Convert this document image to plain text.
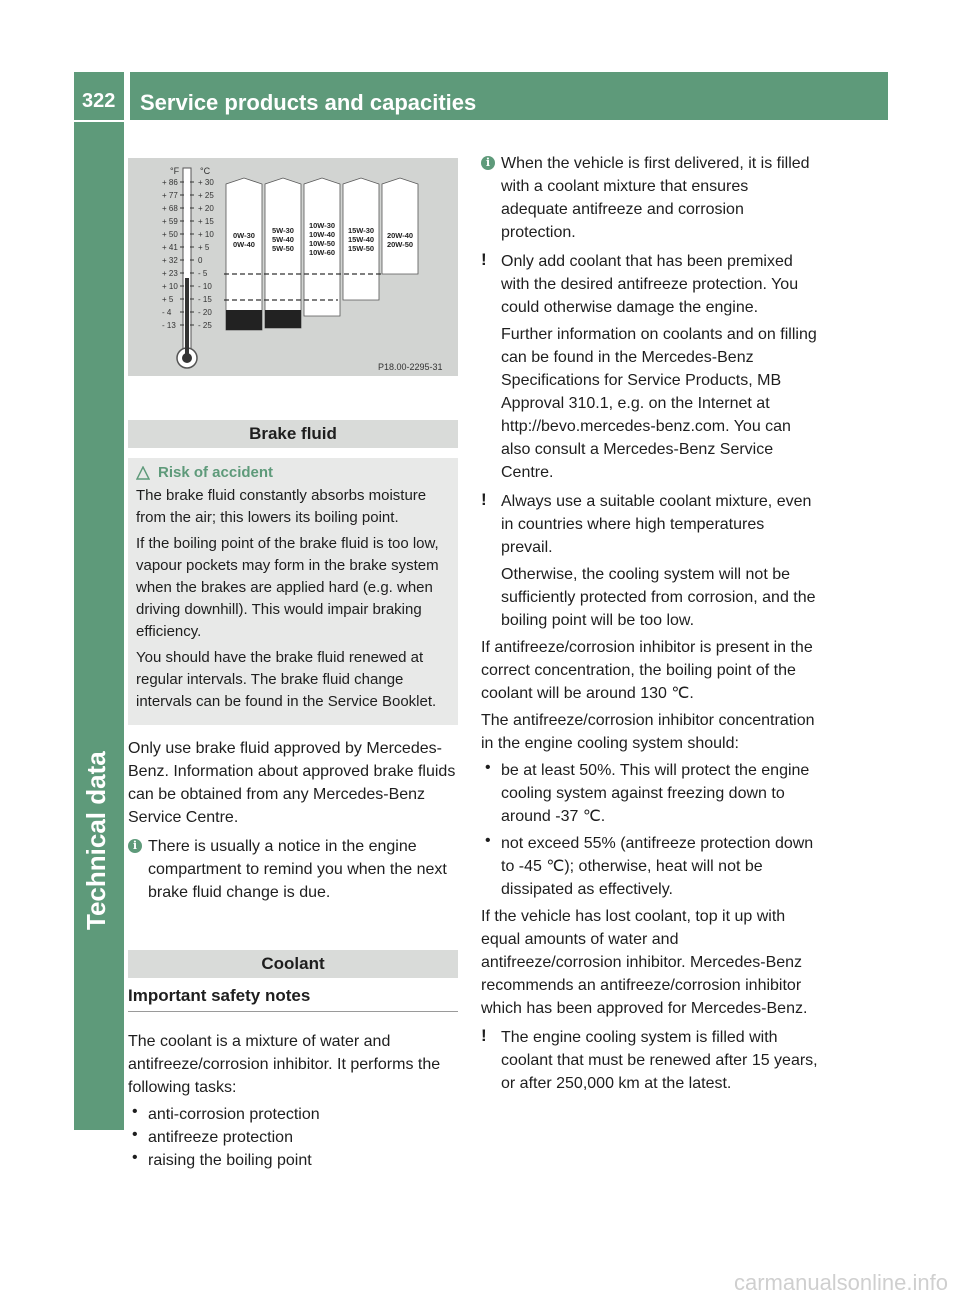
322 Service products and capacities
Technical data
°F °C
+ 86
+ 77
+ 68
+ 59
+ 50
+ 41
+ 32
+ 23
+ 10
+ 5
- 4
- 13
+ 30
+ 25
+ 20
+ 15
+ 10
+ 5
0
- 5
- 10
- 15
- 20
- 25
0W-30
0W-40
5W-30
5W-40
5W-50
10W-30
10W-40
10W-50
10W-60
15W-30
15W-40
15W-50
20W-40
20W-50
P18.00-2295-31
Brake fluid
Risk of accident

The brake fluid constantly absorbs moisture from the air; this lowers its boiling point.

If the boiling point of the brake fluid is too low, vapour pockets may form in the brake system when the brakes are applied hard (e.g. when driving downhill). This would impair braking efficiency.

You should have the brake fluid renewed at regular intervals. The brake fluid change intervals can be found in the Service Booklet.

Only use brake fluid approved by Mercedes-Benz. Information about approved brake fluids can be obtained from any Mercedes-Benz Service Centre.

i There is usually a notice in the engine compartment to remind you when the next brake fluid change is due.

Coolant

Important safety notes

The coolant is a mixture of water and antifreeze/corrosion inhibitor. It performs the following tasks:

• anti-corrosion protection
• antifreeze protection
• raising the boiling point
i When the vehicle is first delivered, it is filled with a coolant mixture that ensures adequate antifreeze and corrosion protection.

! Only add coolant that has been premixed with the desired antifreeze protection. You could otherwise damage the engine.

Further information on coolants and on filling can be found in the Mercedes-Benz Specifications for Service Products, MB Approval 310.1, e.g. on the Internet at http://bevo.mercedes-benz.com. You can also consult a Mercedes-Benz Service Centre.

! Always use a suitable coolant mixture, even in countries where high temperatures prevail.

Otherwise, the cooling system will not be sufficiently protected from corrosion, and the boiling point will be too low.

If antifreeze/corrosion inhibitor is present in the correct concentration, the boiling point of the coolant will be around 130 ℃.

The antifreeze/corrosion inhibitor concentration in the engine cooling system should:

• be at least 50%. This will protect the engine cooling system against freezing down to around -37 ℃.
• not exceed 55% (antifreeze protection down to -45 ℃); otherwise, heat will not be dissipated as effectively.

If the vehicle has lost coolant, top it up with equal amounts of water and antifreeze/corrosion inhibitor. Mercedes-Benz recommends an antifreeze/corrosion inhibitor which has been approved for Mercedes-Benz.

! The engine cooling system is filled with coolant that must be renewed after 15 years, or after 250,000 km at the latest.

carmanualsonline.info
